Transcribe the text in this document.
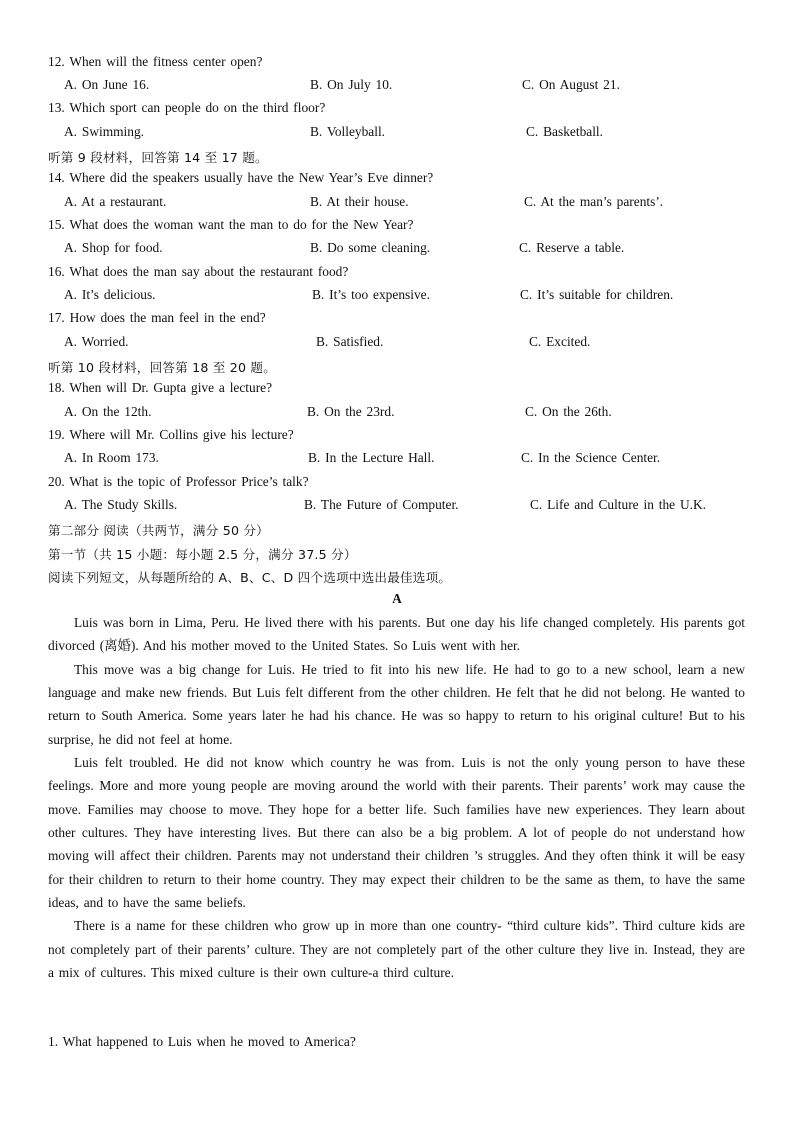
12. When will the fitness center open?
A. On June 16.	B. On July 10.	C. On August 21.
13. Which sport can people do on the third floor?
A. Swimming.	B. Volleyball.	C. Basketball.
听第 9 段材料，回答第 14 至 17 题。
14. Where did the speakers usually have the New Year’s Eve dinner?
A. At a restaurant.	B. At their house.	C. At the man’s parents’.
15. What does the woman want the man to do for the New Year?
A. Shop for food.	B. Do some cleaning.	C. Reserve a table.
16. What does the man say about the restaurant food?
A. It’s delicious.	B. It’s too expensive.	C. It’s suitable for children.
17. How does the man feel in the end?
A. Worried.	B. Satisfied.	C. Excited.
听第 10 段材料，回答第 18 至 20 题。
18. When will Dr. Gupta give a lecture?
A. On the 12th.	B. On the 23rd.	C. On the 26th.
19. Where will Mr. Collins give his lecture?
A. In Room 173.	B. In the Lecture Hall.	C. In the Science Center.
20. What is the topic of Professor Price’s talk?
A. The Study Skills.	B. The Future of Computer.	C. Life and Culture in the U.K.
第二部分 阅读（共两节，满分 50 分）
第一节（共 15 小题：每小题 2.5 分，满分 37.5 分）
阅读下列短文，从每题所给的 A、B、C、D 四个选项中选出最佳选项。
A

Luis was born in Lima, Peru. He lived there with his parents. But one day his life changed completely. His parents got divorced (离婚). And his mother moved to the United States. So Luis went with her.

This move was a big change for Luis. He tried to fit into his new life. He had to go to a new school, learn a new language and make new friends. But Luis felt different from the other children. He felt that he did not belong. He wanted to return to South America. Some years later he had his chance. He was so happy to return to his original culture! But to his surprise, he did not feel at home.

Luis felt troubled. He did not know which country he was from. Luis is not the only young person to have these feelings. More and more young people are moving around the world with their parents. Their parents’ work may cause the move. Families may choose to move. They hope for a better life. Such families have new experiences. They learn about other cultures. They have interesting lives. But there can also be a big problem. A lot of people do not understand how moving will affect their children. Parents may not understand their children ’s struggles. And they often think it will be easy for their children to return to their home country. They may expect their children to be the same as them, to have the same ideas, and to have the same beliefs.

There is a name for these children who grow up in more than one country- “third culture kids”. Third culture kids are not completely part of their parents’ culture. They are not completely part of the other culture they live in. Instead, they are a mix of cultures. This mixed culture is their own culture-a third culture.

1. What happened to Luis when he moved to America?
